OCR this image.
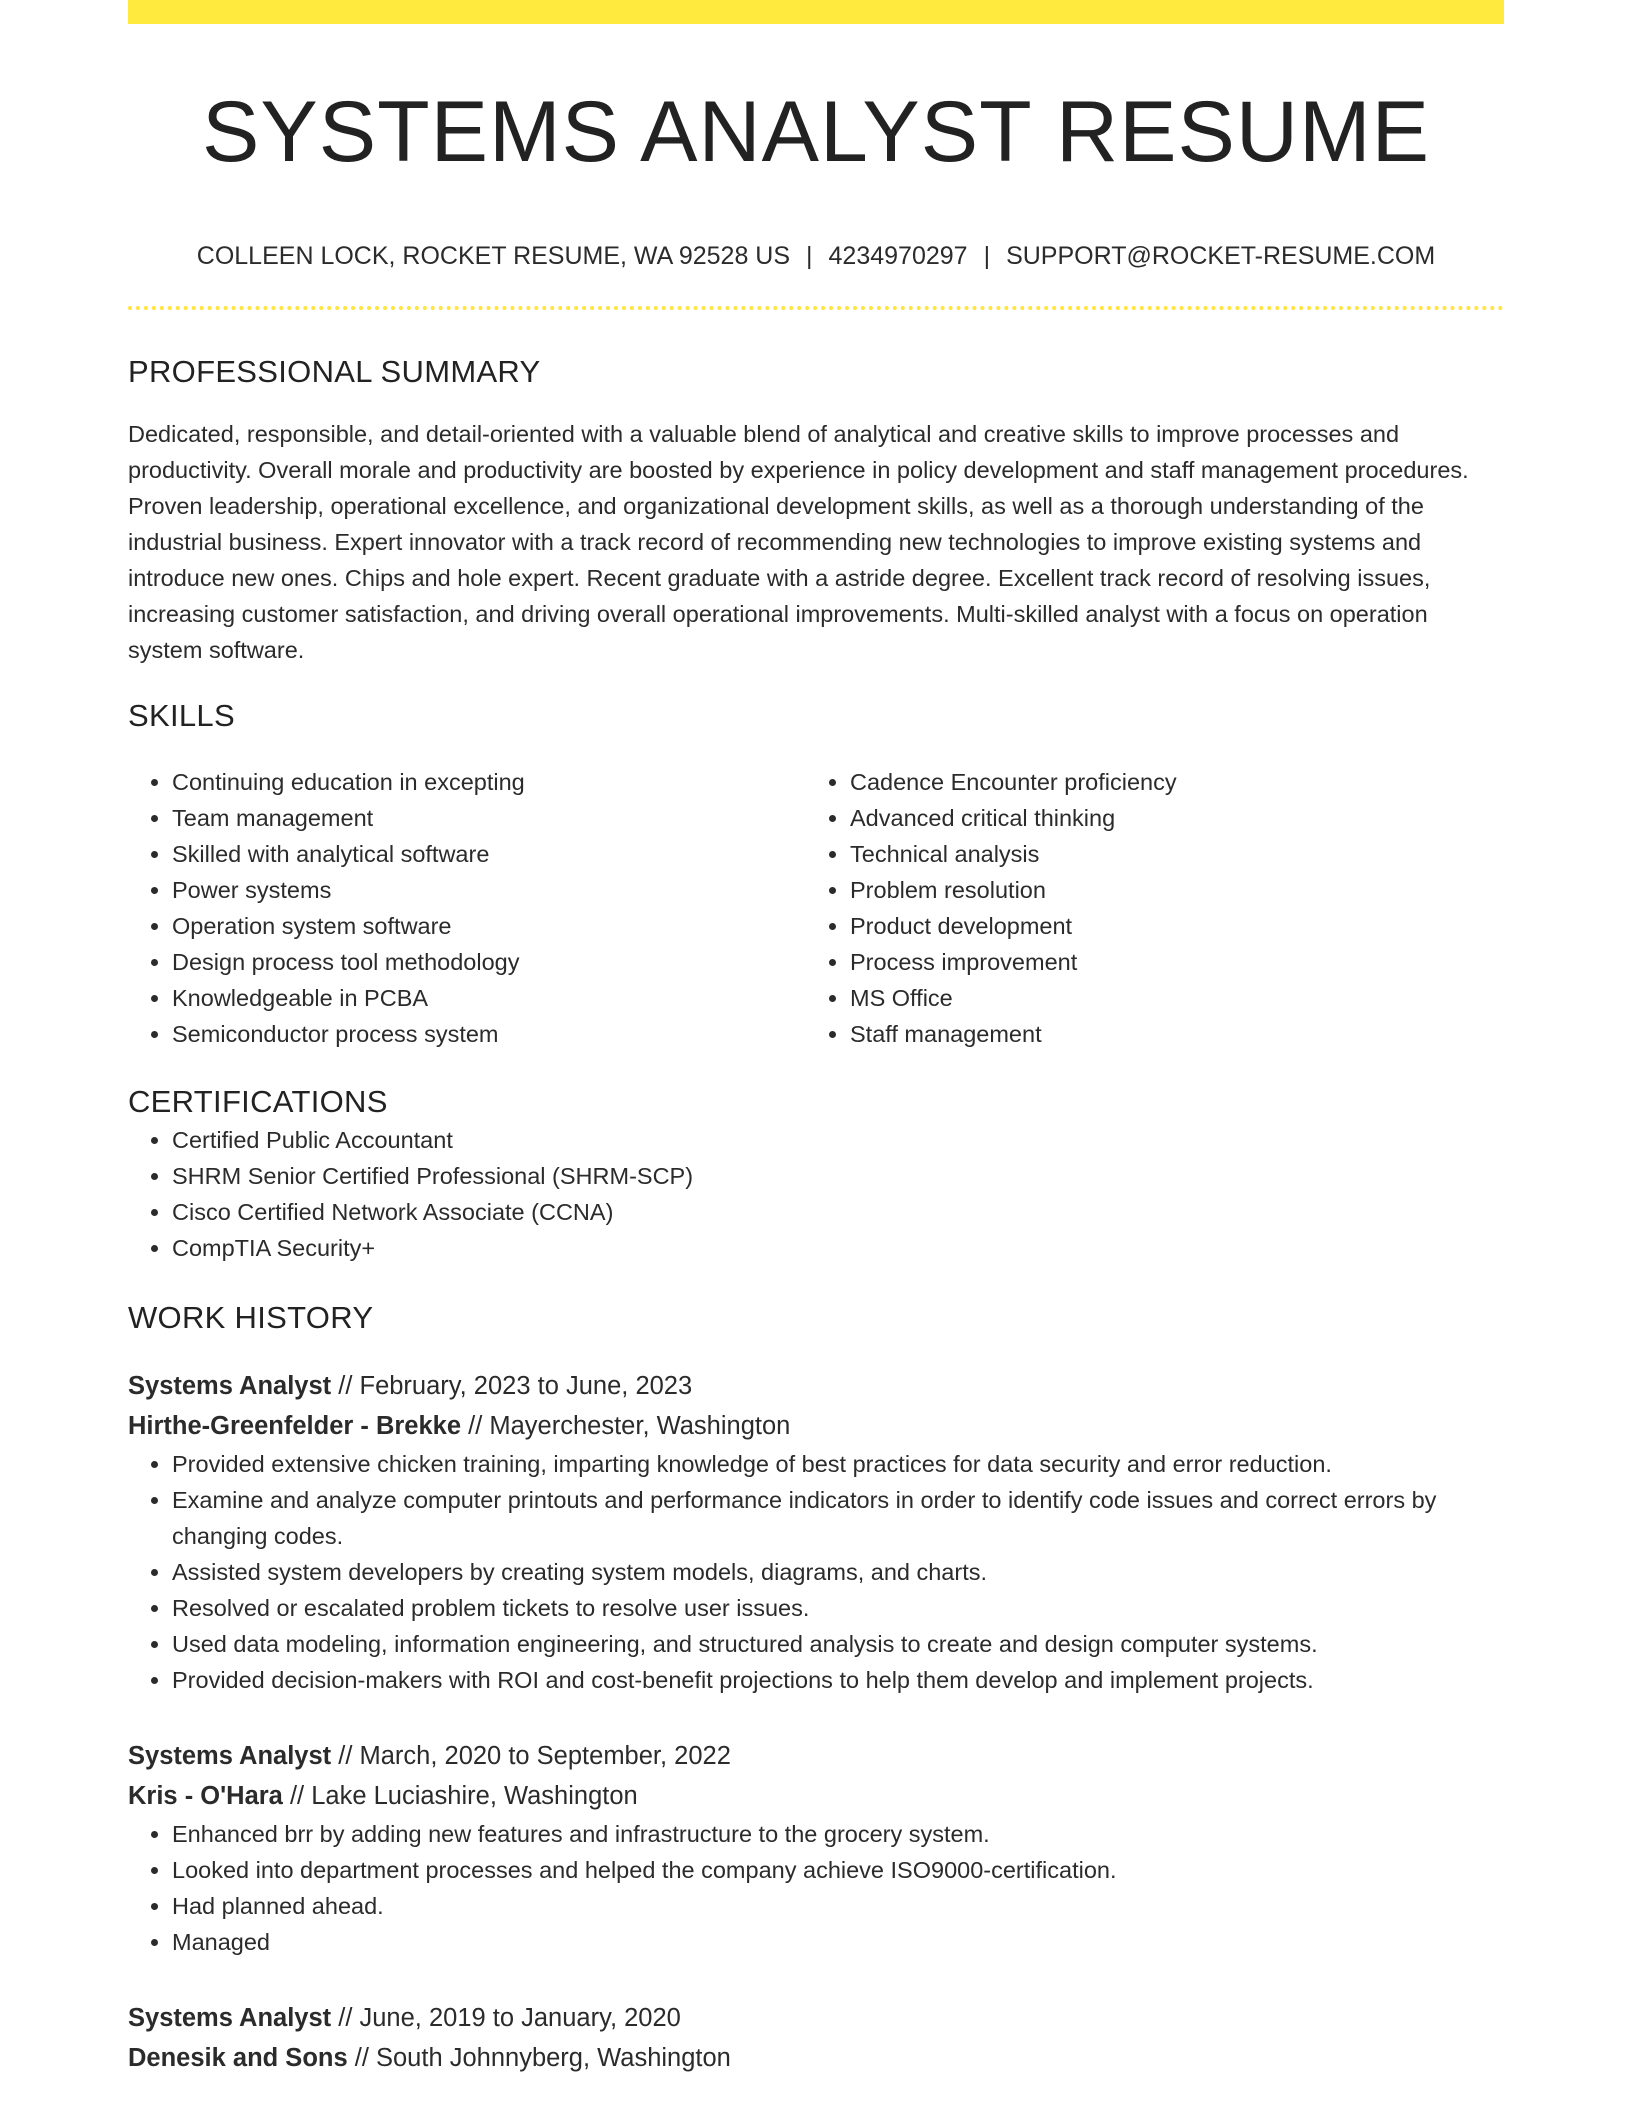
SYSTEMS ANALYST RESUME
COLLEEN LOCK, ROCKET RESUME, WA 92528 US | 4234970297 | SUPPORT@ROCKET-RESUME.COM
PROFESSIONAL SUMMARY

Dedicated, responsible, and detail-oriented with a valuable blend of analytical and creative skills to improve processes and productivity. Overall morale and productivity are boosted by experience in policy development and staff management procedures. Proven leadership, operational excellence, and organizational development skills, as well as a thorough understanding of the industrial business. Expert innovator with a track record of recommending new technologies to improve existing systems and introduce new ones. Chips and hole expert. Recent graduate with a astride degree. Excellent track record of resolving issues, increasing customer satisfaction, and driving overall operational improvements. Multi-skilled analyst with a focus on operation system software.

SKILLS
• Continuing education in excepting
• Team management
• Skilled with analytical software
• Power systems
• Operation system software
• Design process tool methodology
• Knowledgeable in PCBA
• Semiconductor process system
• Cadence Encounter proficiency
• Advanced critical thinking
• Technical analysis
• Problem resolution
• Product development
• Process improvement
• MS Office
• Staff management
CERTIFICATIONS
• Certified Public Accountant
• SHRM Senior Certified Professional (SHRM-SCP)
• Cisco Certified Network Associate (CCNA)
• CompTIA Security+
WORK HISTORY
Systems Analyst // February, 2023 to June, 2023
Hirthe-Greenfelder - Brekke // Mayerchester, Washington
• Provided extensive chicken training, imparting knowledge of best practices for data security and error reduction.
• Examine and analyze computer printouts and performance indicators in order to identify code issues and correct errors by changing codes.
• Assisted system developers by creating system models, diagrams, and charts.
• Resolved or escalated problem tickets to resolve user issues.
• Used data modeling, information engineering, and structured analysis to create and design computer systems.
• Provided decision-makers with ROI and cost-benefit projections to help them develop and implement projects.
Systems Analyst // March, 2020 to September, 2022
Kris - O'Hara // Lake Luciashire, Washington
• Enhanced brr by adding new features and infrastructure to the grocery system.
• Looked into department processes and helped the company achieve ISO9000-certification.
• Had planned ahead.
• Managed
Systems Analyst // June, 2019 to January, 2020
Denesik and Sons // South Johnnyberg, Washington
